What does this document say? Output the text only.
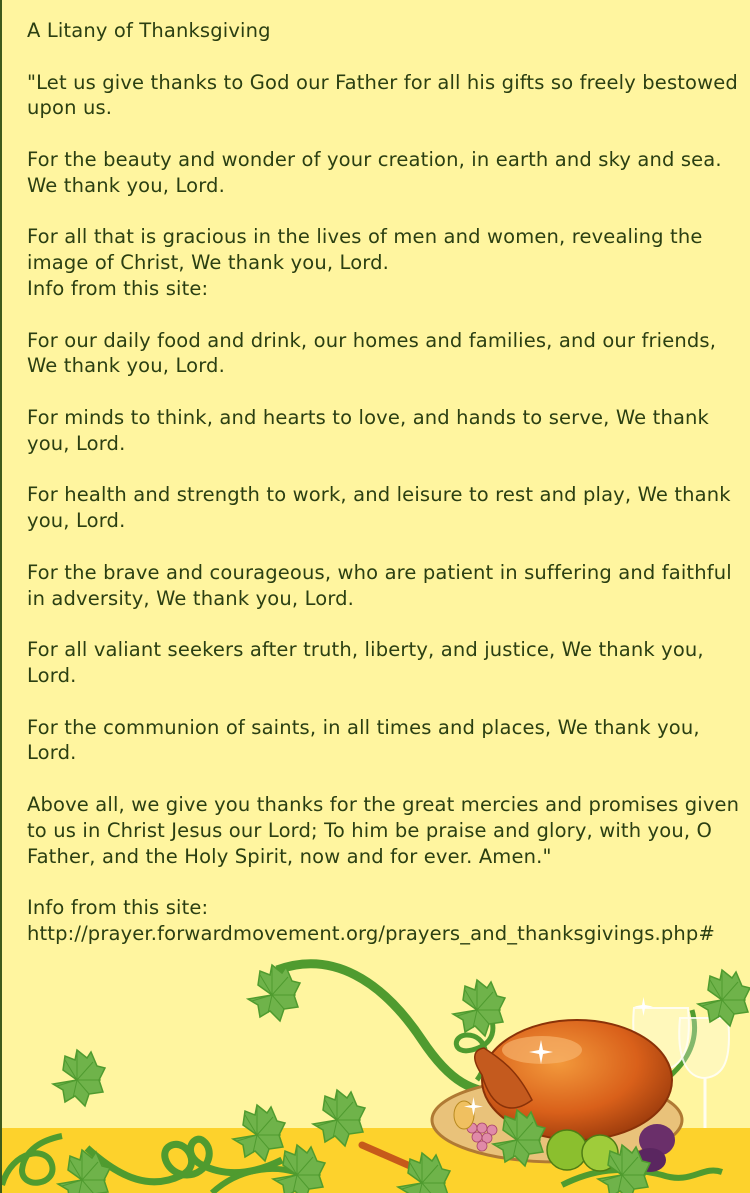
A Litany of Thanksgiving

"Let us give thanks to God our Father for all his gifts so freely bestowed upon us.

For the beauty and wonder of your creation, in earth and sky and sea. We thank you, Lord.

For all that is gracious in the lives of men and women, revealing the image of Christ, We thank you, Lord.

Info from this site:

For our daily food and drink, our homes and families, and our friends, We thank you, Lord.

For minds to think, and hearts to love, and hands to serve, We thank you, Lord.

For health and strength to work, and leisure to rest and play, We thank you, Lord.

For the brave and courageous, who are patient in suffering and faithful in adversity, We thank you, Lord.

For all valiant seekers after truth, liberty, and justice, We thank you, Lord.

For the communion of saints, in all times and places, We thank you, Lord.

Above all, we give you thanks for the great mercies and promises given to us in Christ Jesus our Lord; To him be praise and glory, with you, O Father, and the Holy Spirit, now and for ever. Amen."

Info from this site:

http://prayer.forwardmovement.org/prayers_and_thanksgivings.php#
